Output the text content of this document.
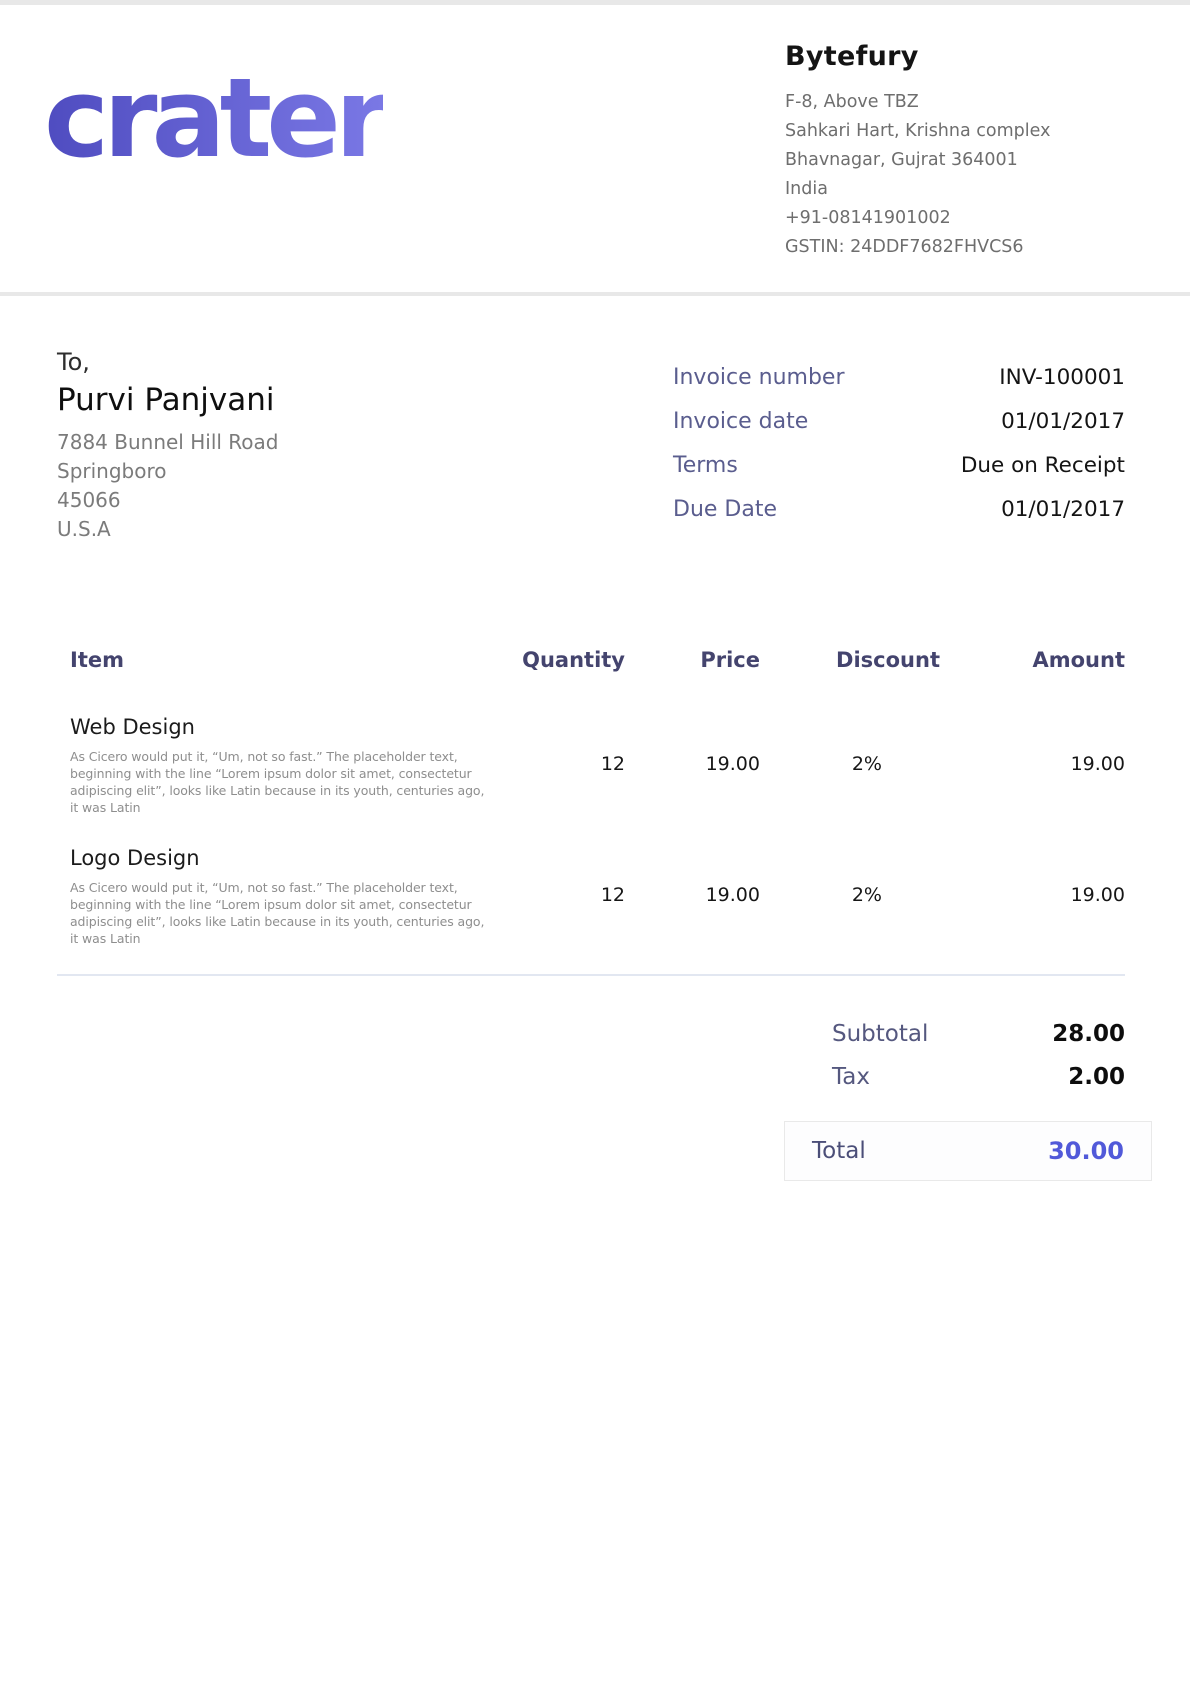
crater	Bytefury
F-8, Above TBZ
Sahkari Hart, Krishna complex
Bhavnagar, Gujrat 364001
India
+91-08141901002
GSTIN: 24DDF7682FHVCS6
To,
Purvi Panjvani
7884 Bunnel Hill Road
Springboro
45066
U.S.A
Invoice number	INV-100001
Invoice date	01/01/2017
Terms	Due on Receipt
Due Date	01/01/2017
Item	Quantity	Price	Discount	Amount
Web Design
As Cicero would put it, “Um, not so fast.” The placeholder text, beginning with the line “Lorem ipsum dolor sit amet, consectetur adipiscing elit”, looks like Latin because in its youth, centuries ago, it was Latin
12	19.00	2%	19.00
Logo Design
As Cicero would put it, “Um, not so fast.” The placeholder text, beginning with the line “Lorem ipsum dolor sit amet, consectetur adipiscing elit”, looks like Latin because in its youth, centuries ago, it was Latin
12	19.00	2%	19.00
Subtotal	28.00
Tax	2.00
Total	30.00
